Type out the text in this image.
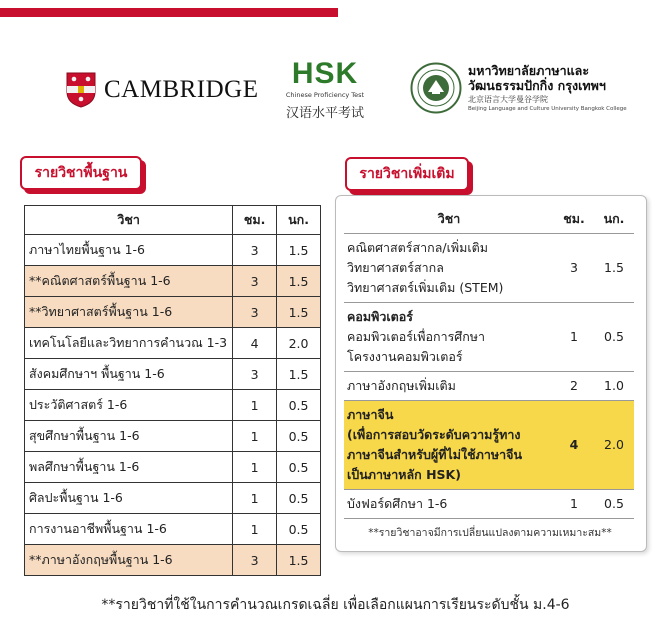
CAMBRIDGE HSK
Chinese Proficiency Test
汉语水平考试
มหาวิทยาลัยภาษาและ
วัฒนธรรมปักกิ่ง กรุงเทพฯ
北京语言大学曼谷学院
Beijing Language and Culture University Bangkok College
รายวิชาพื้นฐาน	รายวิชาเพิ่มเติม
วิชา	ชม.	นก.
ภาษาไทยพื้นฐาน 1-6	3	1.5
**คณิตศาสตร์พื้นฐาน 1-6	3	1.5
**วิทยาศาสตร์พื้นฐาน 1-6	3	1.5
เทคโนโลยีและวิทยาการคำนวณ 1-3	4	2.0
สังคมศึกษาฯ พื้นฐาน 1-6	3	1.5
ประวัติศาสตร์ 1-6	1	0.5
สุขศึกษาพื้นฐาน 1-6	1	0.5
พลศึกษาพื้นฐาน 1-6	1	0.5
ศิลปะพื้นฐาน 1-6	1	0.5
การงานอาชีพพื้นฐาน 1-6	1	0.5
**ภาษาอังกฤษพื้นฐาน 1-6	3	1.5
วิชา	ชม.	นก.

คณิตศาสตร์สากล/เพิ่มเติม
วิทยาศาสตร์สากล
วิทยาศาสตร์เพิ่มเติม (STEM)	3	1.5

คอมพิวเตอร์
คอมพิวเตอร์เพื่อการศึกษา
โครงงานคอมพิวเตอร์	1	0.5

ภาษาอังกฤษเพิ่มเติม	2	1.0

ภาษาจีน
(เพื่อการสอบวัดระดับความรู้ทาง
ภาษาจีนสำหรับผู้ที่ไม่ใช้ภาษาจีน
เป็นภาษาหลัก HSK)	4	2.0

บังฟอร์ดศึกษา 1-6	1	0.5
**รายวิชาอาจมีการเปลี่ยนแปลงตามความเหมาะสม**
**รายวิชาที่ใช้ในการคำนวณเกรดเฉลี่ย เพื่อเลือกแผนการเรียนระดับชั้น ม.4-6
